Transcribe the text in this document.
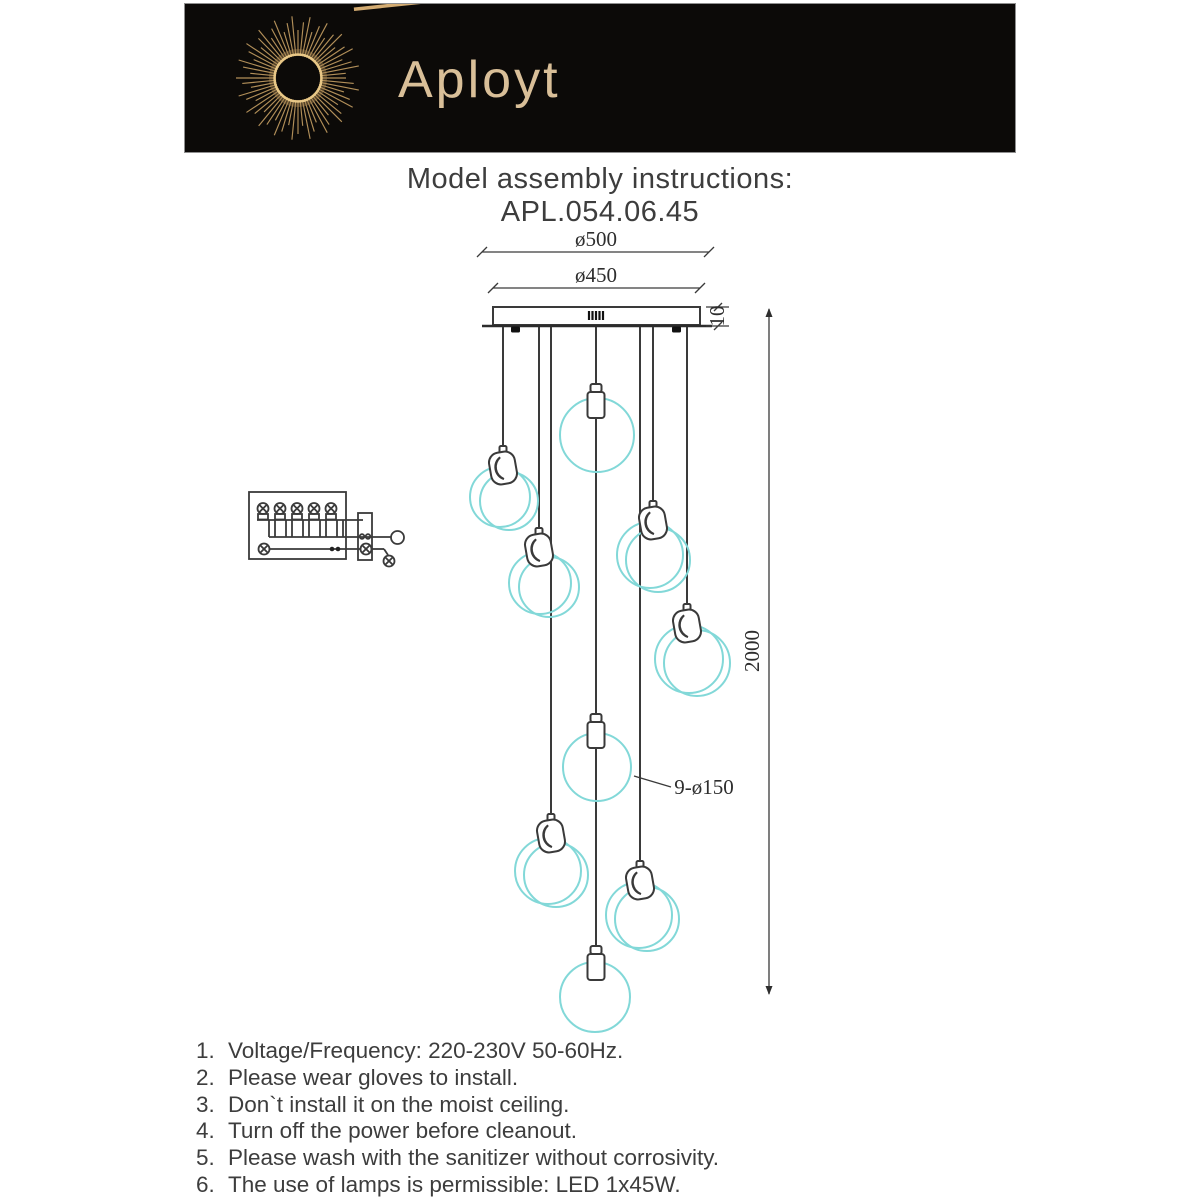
Aployt
Model assembly instructions:
APL.054.06.45
ø500
ø450
10
2000
9-ø150
1. Voltage/Frequency: 220-230V 50-60Hz.
2. Please wear gloves to install.
3. Don`t install it on the moist ceiling.
4. Turn off the power before cleanout.
5. Please wash with the sanitizer without corrosivity.
6. The use of lamps is permissible: LED 1x45W.
